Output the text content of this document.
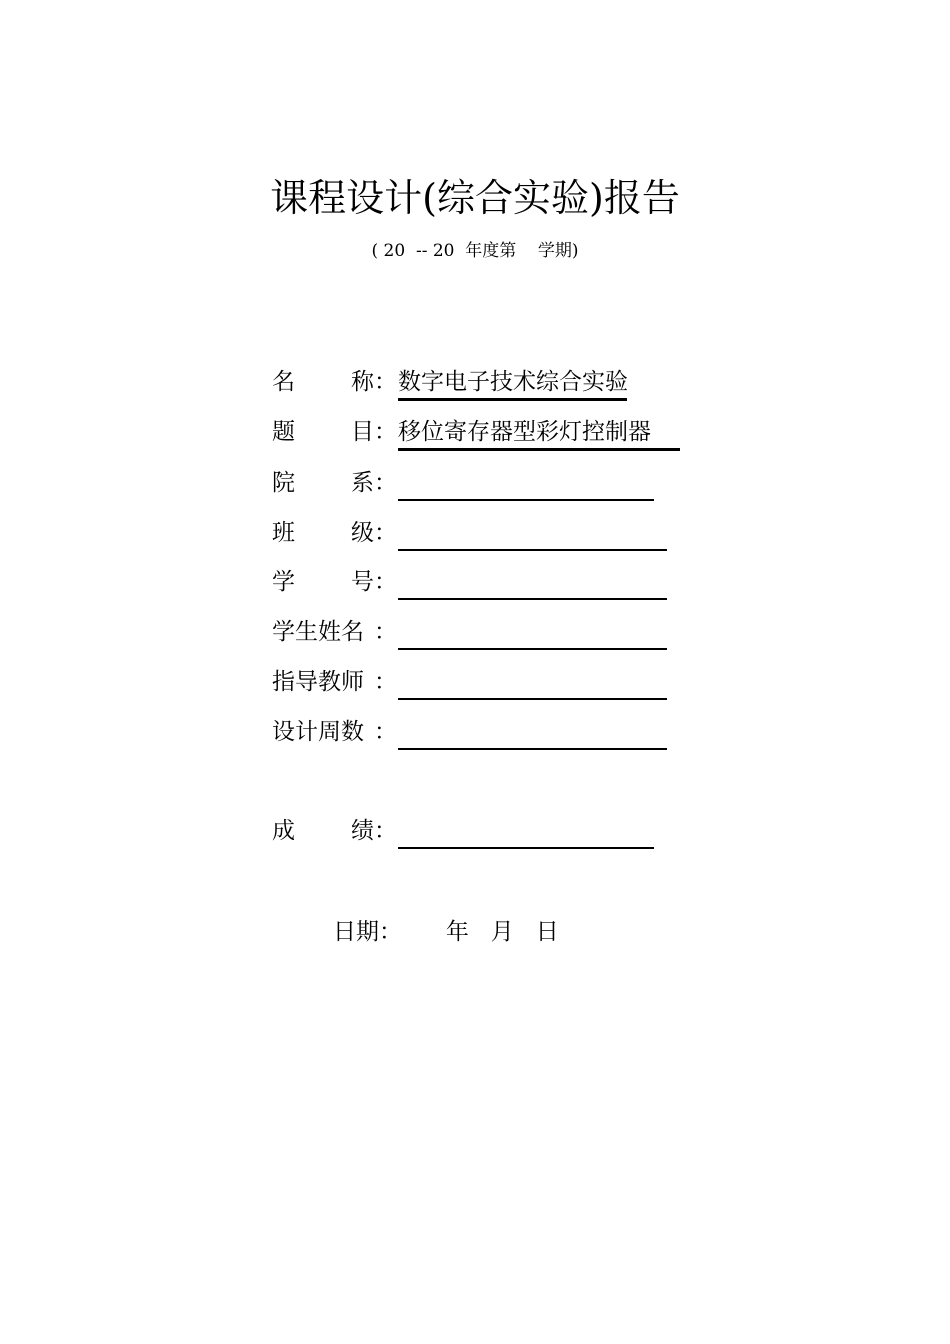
课程设计(综合实验)报告
( 20  -- 20  年度第    学期)
名 称 ： 数字电子技术综合实验
题 目 ： 移位寄存器型彩灯控制器
院 系 ：
班 级 ：
学 号 ：
学生姓名 ：
指导教师 ：
设计周数 ：
成 绩 ：
日期：      年   月   日
